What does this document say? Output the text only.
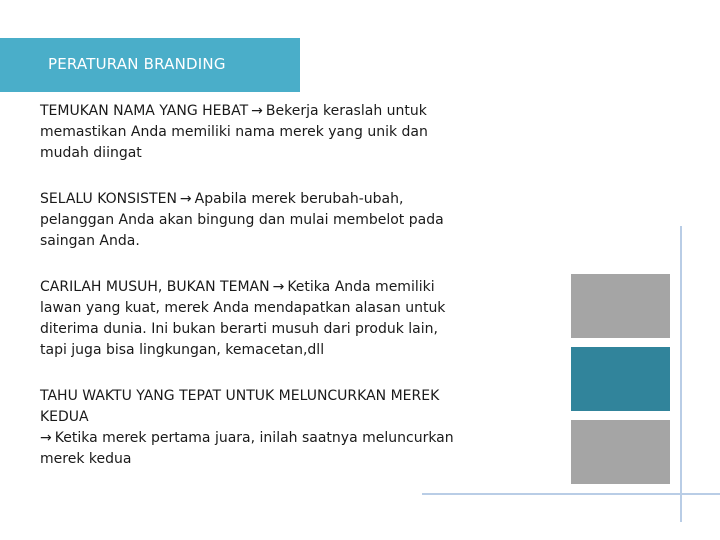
PERATURAN BRANDING
TEMUKAN NAMA YANG HEBAT → Bekerja keraslah untuk
memastikan Anda memiliki nama merek yang unik dan
mudah diingat
SELALU KONSISTEN → Apabila merek berubah-ubah,
pelanggan Anda akan bingung dan mulai membelot pada
saingan Anda.
CARILAH MUSUH, BUKAN TEMAN → Ketika Anda memiliki
lawan yang kuat, merek Anda mendapatkan alasan untuk
diterima dunia. Ini bukan berarti musuh dari produk lain,
tapi juga bisa lingkungan, kemacetan,dll
TAHU WAKTU YANG TEPAT UNTUK MELUNCURKAN MEREK
KEDUA
→ Ketika merek pertama juara, inilah saatnya meluncurkan
merek kedua
